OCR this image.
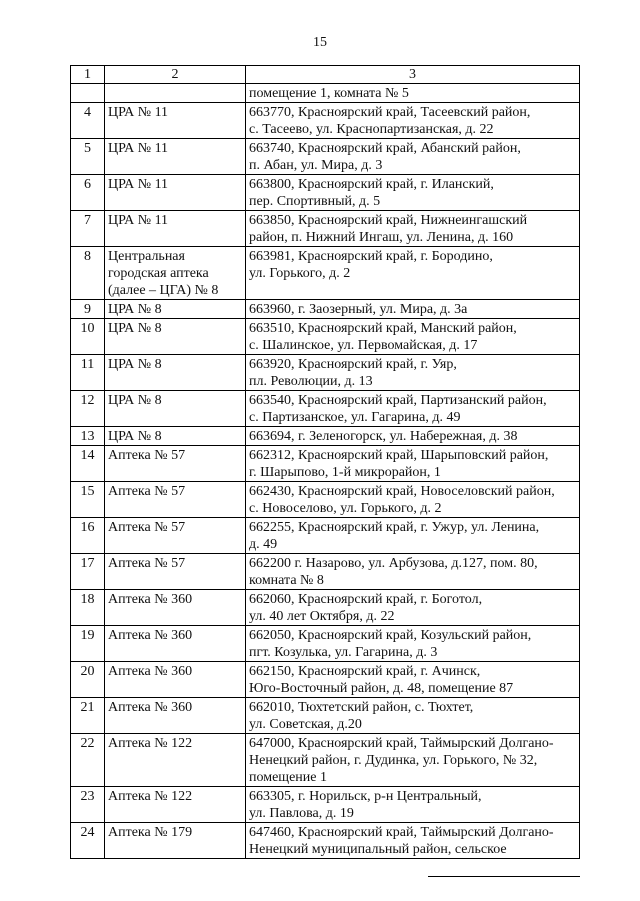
15
1	2	3
		помещение 1, комната № 5
4	ЦРА № 11	663770, Красноярский край, Тасеевский район,
с. Тасеево, ул. Краснопартизанская, д. 22
5	ЦРА № 11	663740, Красноярский край, Абанский район,
п. Абан, ул. Мира, д. 3
6	ЦРА № 11	663800, Красноярский край, г. Иланский,
пер. Спортивный, д. 5
7	ЦРА № 11	663850, Красноярский край, Нижнеингашский
район, п. Нижний Ингаш, ул. Ленина, д. 160
8	Центральная
городская аптека
(далее – ЦГА) № 8	663981, Красноярский край, г. Бородино,
ул. Горького, д. 2
9	ЦРА № 8	663960, г. Заозерный, ул. Мира, д. 3а
10	ЦРА № 8	663510, Красноярский край, Манский район,
с. Шалинское, ул. Первомайская, д. 17
11	ЦРА № 8	663920, Красноярский край, г. Уяр,
пл. Революции, д. 13
12	ЦРА № 8	663540, Красноярский край, Партизанский район,
с. Партизанское, ул. Гагарина, д. 49
13	ЦРА № 8	663694, г. Зеленогорск, ул. Набережная, д. 38
14	Аптека № 57	662312, Красноярский край, Шарыповский район,
г. Шарыпово, 1-й микрорайон, 1
15	Аптека № 57	662430, Красноярский край, Новоселовский район,
с. Новоселово, ул. Горького, д. 2
16	Аптека № 57	662255, Красноярский край, г. Ужур, ул. Ленина,
д. 49
17	Аптека № 57	662200 г. Назарово, ул. Арбузова, д.127, пом. 80,
комната № 8
18	Аптека № 360	662060, Красноярский край, г. Боготол,
ул. 40 лет Октября, д. 22
19	Аптека № 360	662050, Красноярский край, Козульский район,
пгт. Козулька, ул. Гагарина, д. 3
20	Аптека № 360	662150, Красноярский край, г. Ачинск,
Юго-Восточный район, д. 48, помещение 87
21	Аптека № 360	662010, Тюхтетский район, с. Тюхтет,
ул. Советская, д.20
22	Аптека № 122	647000, Красноярский край, Таймырский Долгано-
Ненецкий район, г. Дудинка, ул. Горького, № 32,
помещение 1
23	Аптека № 122	663305, г. Норильск, р-н Центральный,
ул. Павлова, д. 19
24	Аптека № 179	647460, Красноярский край, Таймырский Долгано-
Ненецкий муниципальный район, сельское
